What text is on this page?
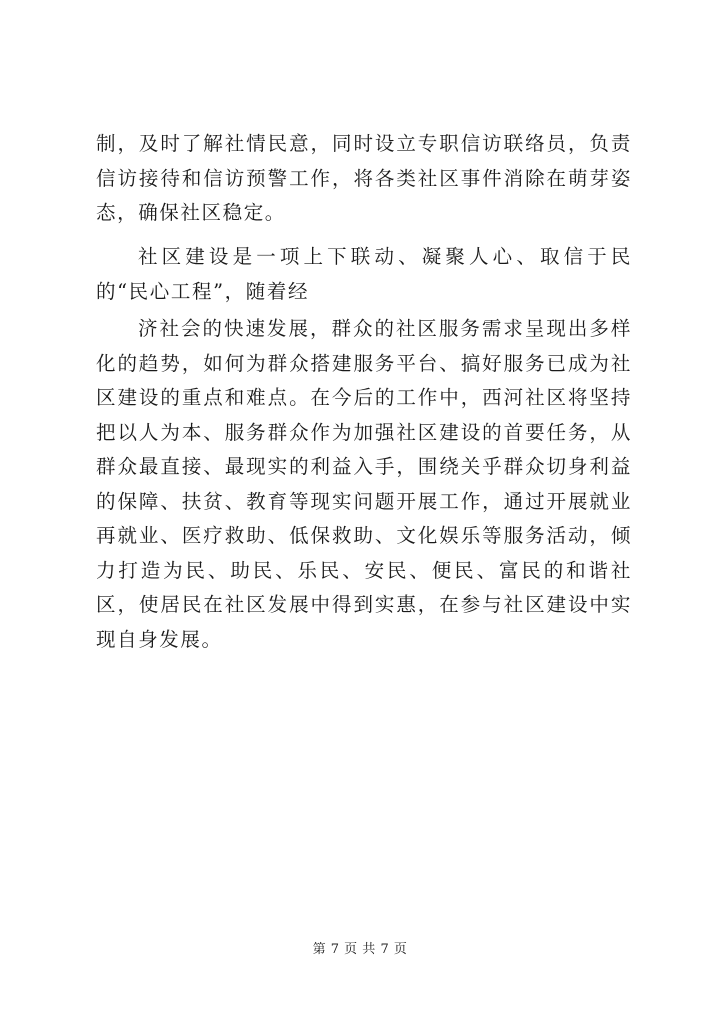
制，及时了解社情民意，同时设立专职信访联络员，负责信访接待和信访预警工作，将各类社区事件消除在萌芽姿态，确保社区稳定。

社区建设是一项上下联动、凝聚人心、取信于民的“民心工程”，随着经

济社会的快速发展，群众的社区服务需求呈现出多样化的趋势，如何为群众搭建服务平台、搞好服务已成为社区建设的重点和难点。在今后的工作中，西河社区将坚持把以人为本、服务群众作为加强社区建设的首要任务，从群众最直接、最现实的利益入手，围绕关乎群众切身利益的保障、扶贫、教育等现实问题开展工作，通过开展就业再就业、医疗救助、低保救助、文化娱乐等服务活动，倾力打造为民、助民、乐民、安民、便民、富民的和谐社区，使居民在社区发展中得到实惠，在参与社区建设中实现自身发展。

第 7 页 共 7 页
